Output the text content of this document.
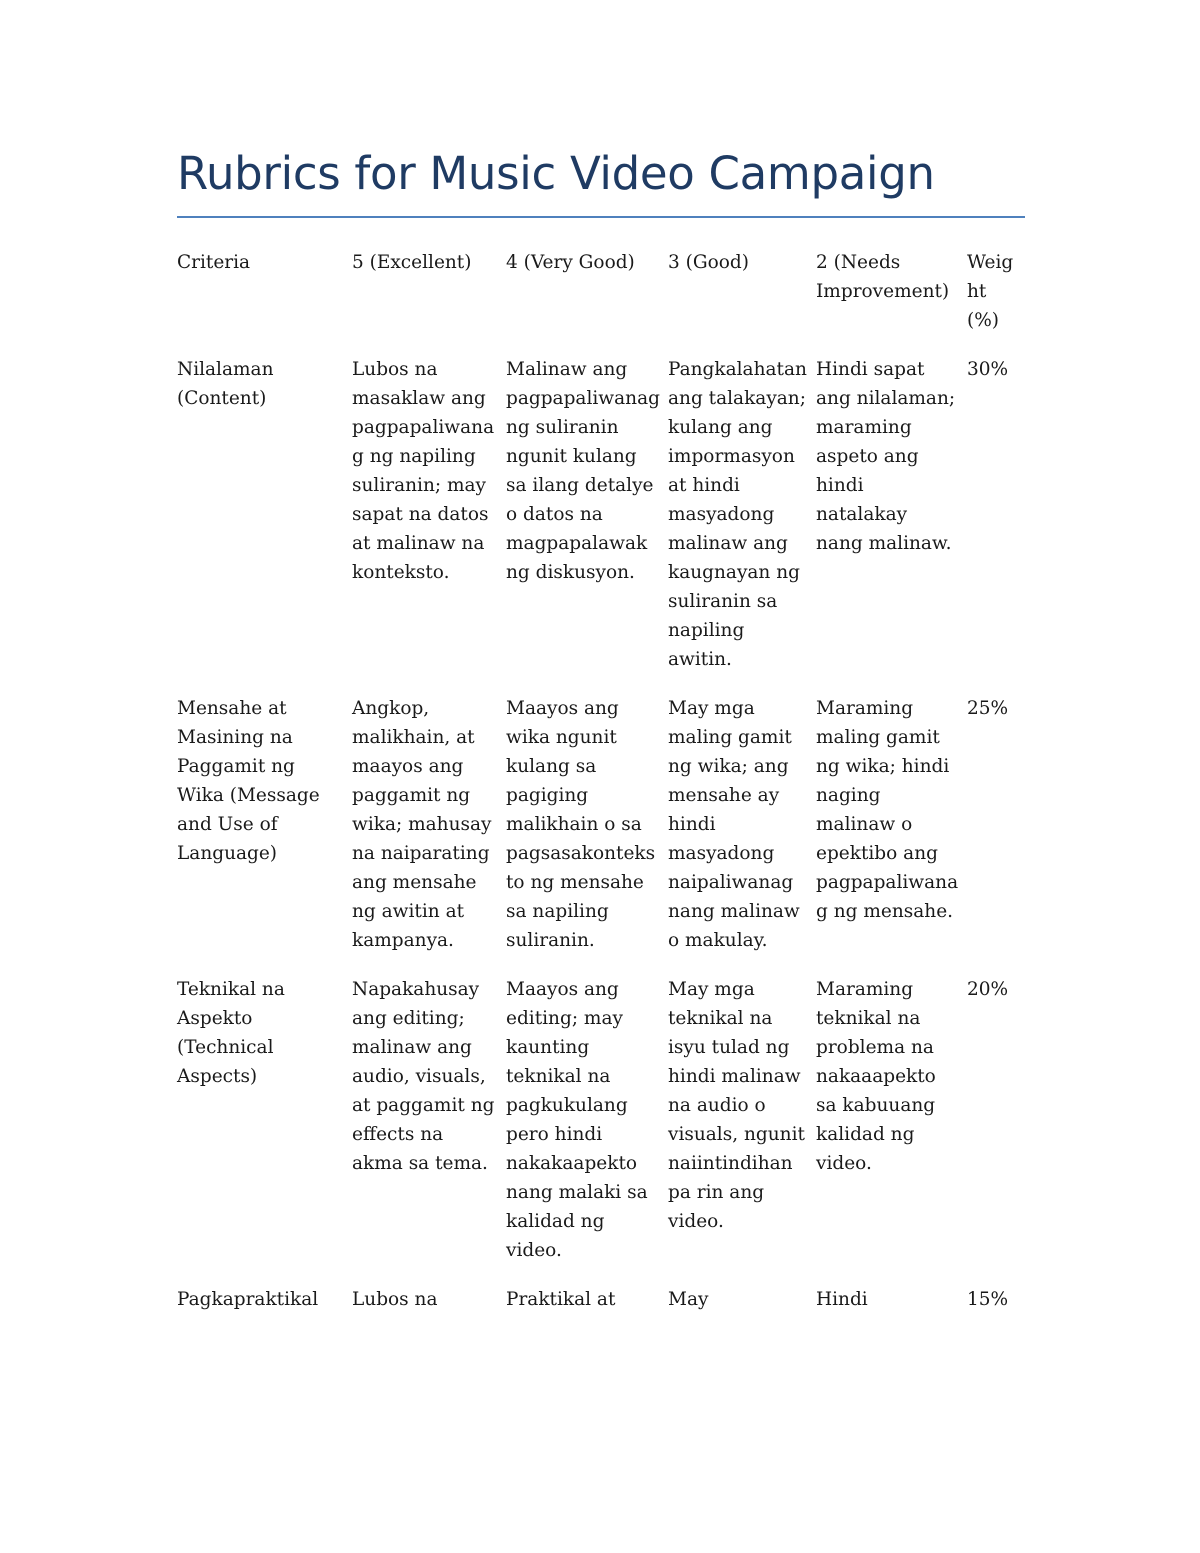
Rubrics for Music Video Campaign
Criteria	5 (Excellent)	4 (Very Good)	3 (Good)	2 (Needs Improvement)	Weight (%)
Nilalaman (Content)	Lubos na masaklaw ang pagpapaliwanag ng napiling suliranin; may sapat na datos at malinaw na konteksto.	Malinaw ang pagpapaliwanag ng suliranin ngunit kulang sa ilang detalye o datos na magpapalawak ng diskusyon.	Pangkalahatan ang talakayan; kulang ang impormasyon at hindi masyadong malinaw ang kaugnayan ng suliranin sa napiling awitin.	Hindi sapat ang nilalaman; maraming aspeto ang hindi natalakay nang malinaw.	30%
Mensahe at Masining na Paggamit ng Wika (Message and Use of Language)	Angkop, malikhain, at maayos ang paggamit ng wika; mahusay na naiparating ang mensahe ng awitin at kampanya.	Maayos ang wika ngunit kulang sa pagiging malikhain o sa pagsasakonteksto ng mensahe sa napiling suliranin.	May mga maling gamit ng wika; ang mensahe ay hindi masyadong naipaliwanag nang malinaw o makulay.	Maraming maling gamit ng wika; hindi naging malinaw o epektibo ang pagpapaliwanag ng mensahe.	25%
Teknikal na Aspekto (Technical Aspects)	Napakahusay ang editing; malinaw ang audio, visuals, at paggamit ng effects na akma sa tema.	Maayos ang editing; may kaunting teknikal na pagkukulang pero hindi nakakaapekto nang malaki sa kalidad ng video.	May mga teknikal na isyu tulad ng hindi malinaw na audio o visuals, ngunit naiintindihan pa rin ang video.	Maraming teknikal na problema na nakaaapekto sa kabuuang kalidad ng video.	20%
Pagkapraktikal	Lubos na	Praktikal at	May	Hindi	15%
